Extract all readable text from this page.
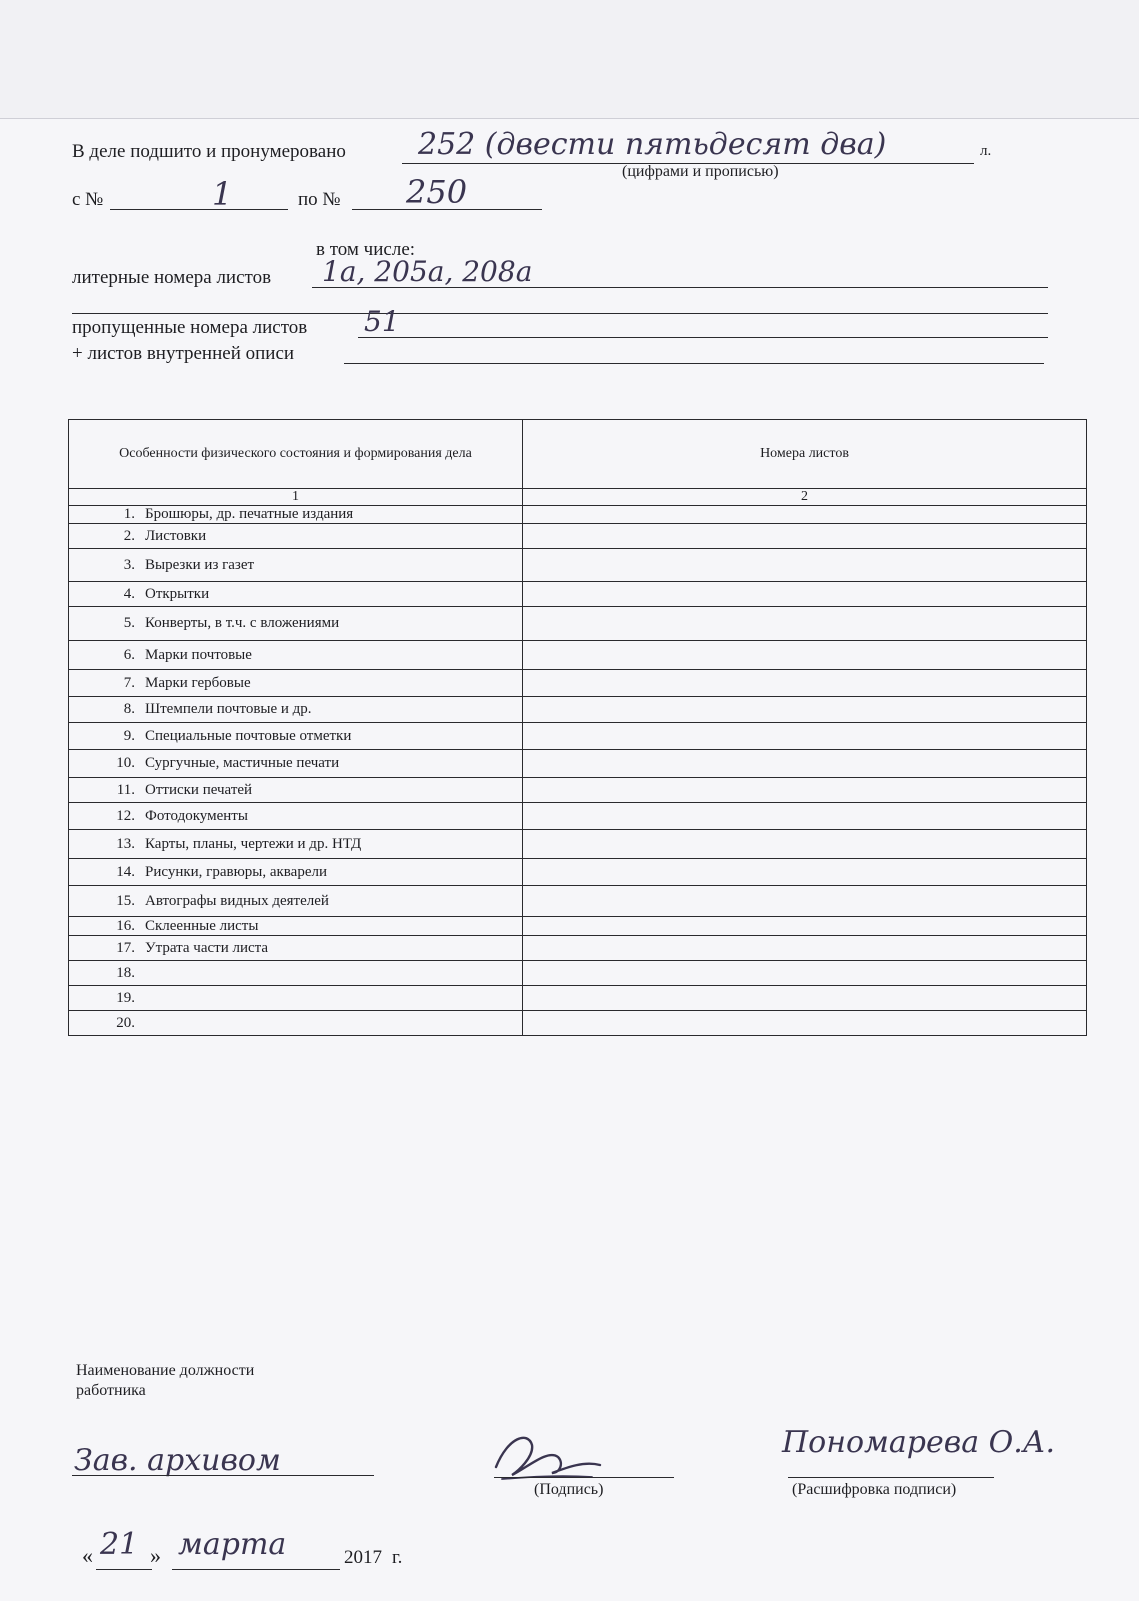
В деле подшито и пронумеровано 252 (двести пятьдесят два)	л.
(цифрами и прописью)
с №	1	по № 250
в том числе:
литерные номера листов 1а, 205а, 208а
пропущенные номера листов 51
+ листов внутренней описи
Особенности физического состояния и формирования дела	Номера листов
1	2
1. Брошюры, др. печатные издания	
2. Листовки	
3. Вырезки из газет	
4. Открытки	
5. Конверты, в т.ч. с вложениями	
6. Марки почтовые	
7. Марки гербовые	
8. Штемпели почтовые и др.	
9. Специальные почтовые отметки	
10. Сургучные, мастичные печати	
11. Оттиски печатей	
12. Фотодокументы	
13. Карты, планы, чертежи и др. НТД	
14. Рисунки, гравюры, акварели	
15. Автографы видных деятелей	
16. Склеенные листы	
17. Утрата части листа	
18.	
19.	
20.	
Наименование должности работника
Зав. архивом
(Подпись)
Пономарева О.А.
(Расшифровка подписи)
« 21 » марта	2017 г.
